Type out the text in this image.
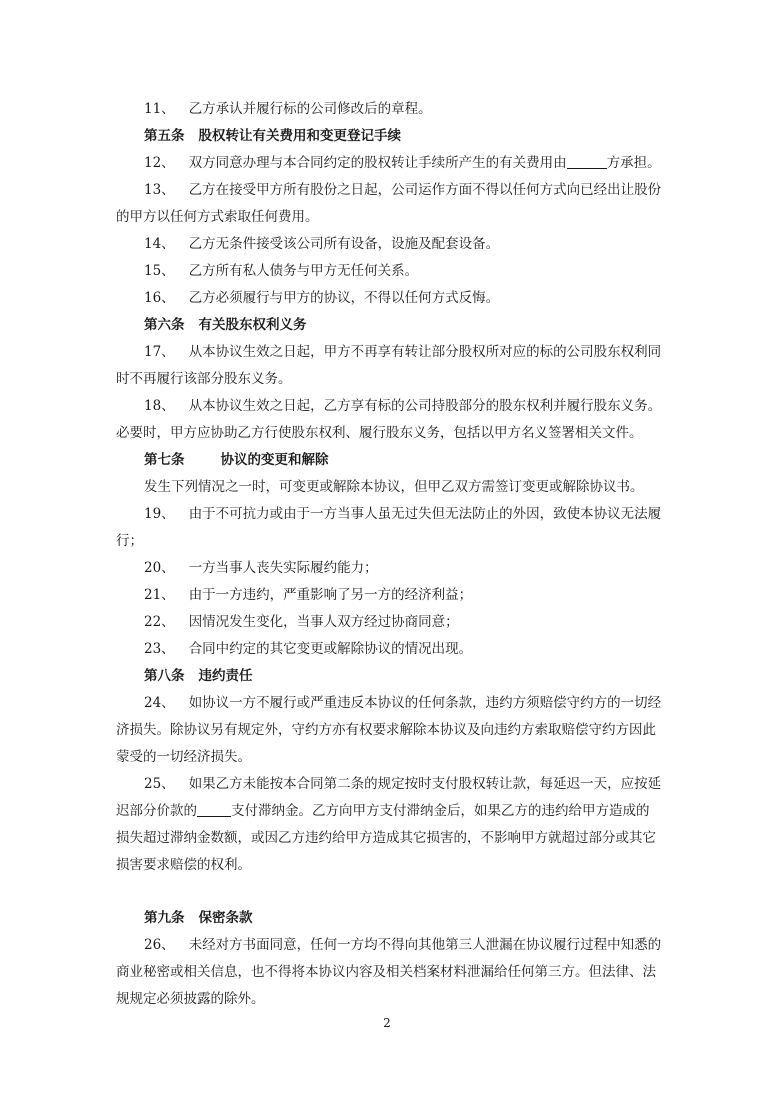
11、 乙方承认并履行标的公司修改后的章程。
第五条 股权转让有关费用和变更登记手续
12、 双方同意办理与本合同约定的股权转让手续所产生的有关费用由	方承担。
13、 乙方在接受甲方所有股份之日起，公司运作方面不得以任何方式向已经出让股份
的甲方以任何方式索取任何费用。
14、 乙方无条件接受该公司所有设备，设施及配套设备。
15、 乙方所有私人债务与甲方无任何关系。
16、 乙方必须履行与甲方的协议，不得以任何方式反悔。
第六条 有关股东权利义务
17、 从本协议生效之日起，甲方不再享有转让部分股权所对应的标的公司股东权利同
时不再履行该部分股东义务。
18、 从本协议生效之日起，乙方享有标的公司持股部分的股东权利并履行股东义务。
必要时，甲方应协助乙方行使股东权利、履行股东义务，包括以甲方名义签署相关文件。
第七条	协议的变更和解除
发生下列情况之一时，可变更或解除本协议，但甲乙双方需签订变更或解除协议书。
19、 由于不可抗力或由于一方当事人虽无过失但无法防止的外因，致使本协议无法履
行；
20、 一方当事人丧失实际履约能力；
21、 由于一方违约，严重影响了另一方的经济利益；
22、 因情况发生变化，当事人双方经过协商同意；
23、 合同中约定的其它变更或解除协议的情况出现。
第八条 违约责任
24、 如协议一方不履行或严重违反本协议的任何条款，违约方须赔偿守约方的一切经
济损失。除协议另有规定外，守约方亦有权要求解除本协议及向违约方索取赔偿守约方因此
蒙受的一切经济损失。
25、 如果乙方未能按本合同第二条的规定按时支付股权转让款，每延迟一天，应按延
迟部分价款的	支付滞纳金。乙方向甲方支付滞纳金后，如果乙方的违约给甲方造成的
损失超过滞纳金数额，或因乙方违约给甲方造成其它损害的，不影响甲方就超过部分或其它
损害要求赔偿的权利。
第九条 保密条款
26、 未经对方书面同意，任何一方均不得向其他第三人泄漏在协议履行过程中知悉的
商业秘密或相关信息，也不得将本协议内容及相关档案材料泄漏给任何第三方。但法律、法
规规定必须披露的除外。
2
